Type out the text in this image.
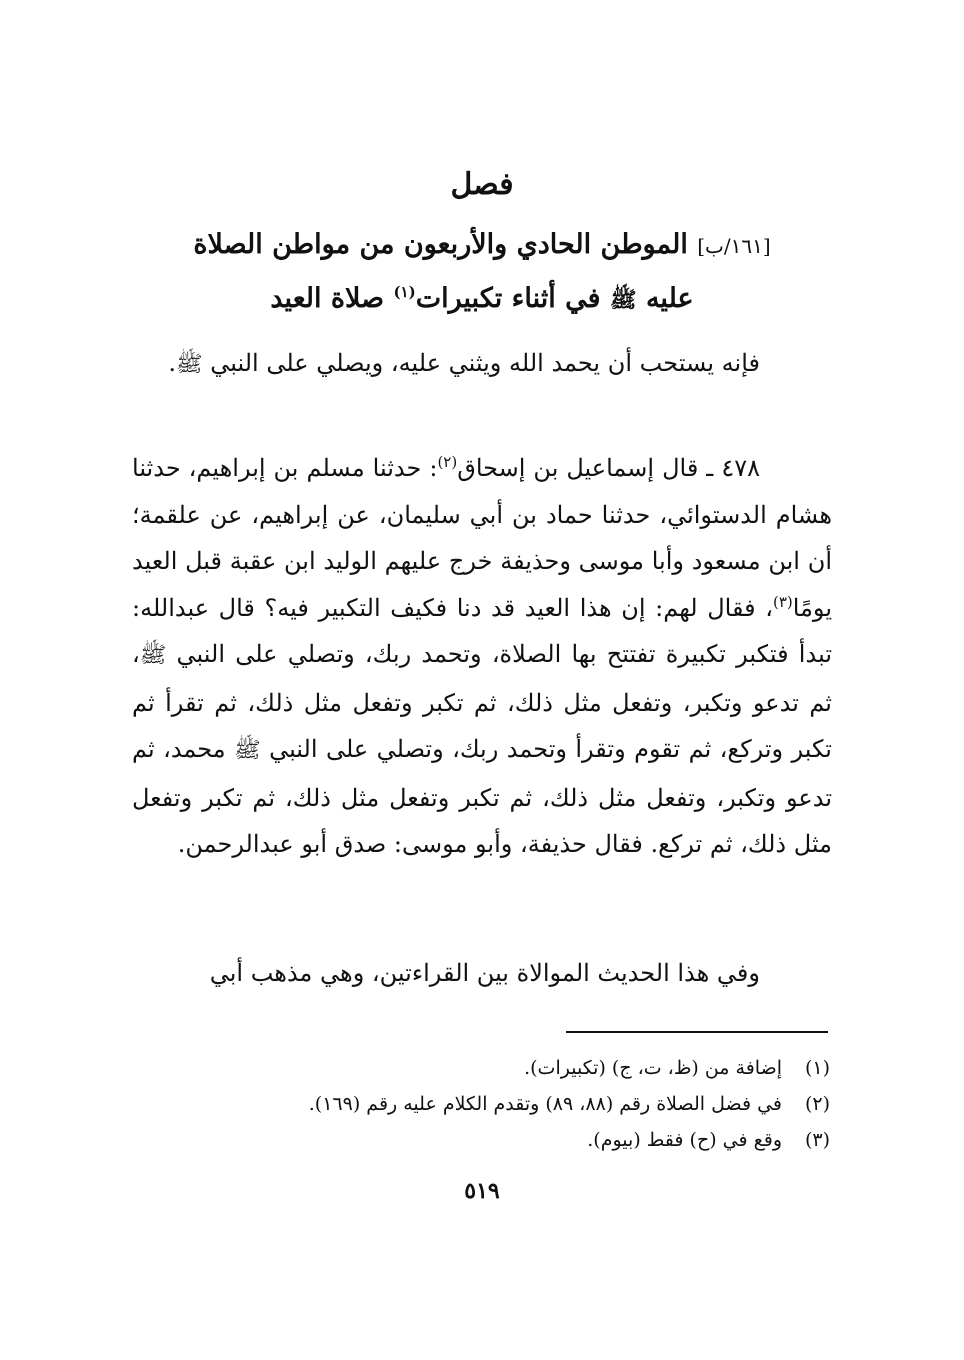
فصل
[١٦١/ب] الموطن الحادي والأربعون من مواطن الصلاة
عليه ﷺ في أثناء تكبيرات$^{(١)}$ صلاة العيد

فإنه يستحب أن يحمد الله ويثني عليه، ويصلي على النبي ﷺ.

٤٧٨ ـ قال إسماعيل بن إسحاق$^{(٢)}$: حدثنا مسلم بن إبراهيم، حدثنا هشام الدستوائي، حدثنا حماد بن أبي سليمان، عن إبراهيم، عن علقمة؛ أن ابن مسعود وأبا موسى وحذيفة خرج عليهم الوليد ابن عقبة قبل العيد يومًا$^{(٣)}$، فقال لهم: إن هذا العيد قد دنا فكيف التكبير فيه؟ قال عبدالله: تبدأ فتكبر تكبيرة تفتتح بها الصلاة، وتحمد ربك، وتصلي على النبي ﷺ، ثم تدعو وتكبر، وتفعل مثل ذلك، ثم تكبر وتفعل مثل ذلك، ثم تقرأ ثم تكبر وتركع، ثم تقوم وتقرأ وتحمد ربك، وتصلي على النبي ﷺ محمد، ثم تدعو وتكبر، وتفعل مثل ذلك، ثم تكبر وتفعل مثل ذلك، ثم تكبر وتفعل مثل ذلك، ثم تركع. فقال حذيفة، وأبو موسى: صدق أبو عبدالرحمن.

وفي هذا الحديث الموالاة بين القراءتين، وهي مذهب أبي

(١)إضافة من (ظ، ت، ج) (تكبيرات).
(٢)في فضل الصلاة رقم (٨٨، ٨٩) وتقدم الكلام عليه رقم (١٦٩).
(٣)وقع في (ح) فقط (بيوم).

٥١٩
